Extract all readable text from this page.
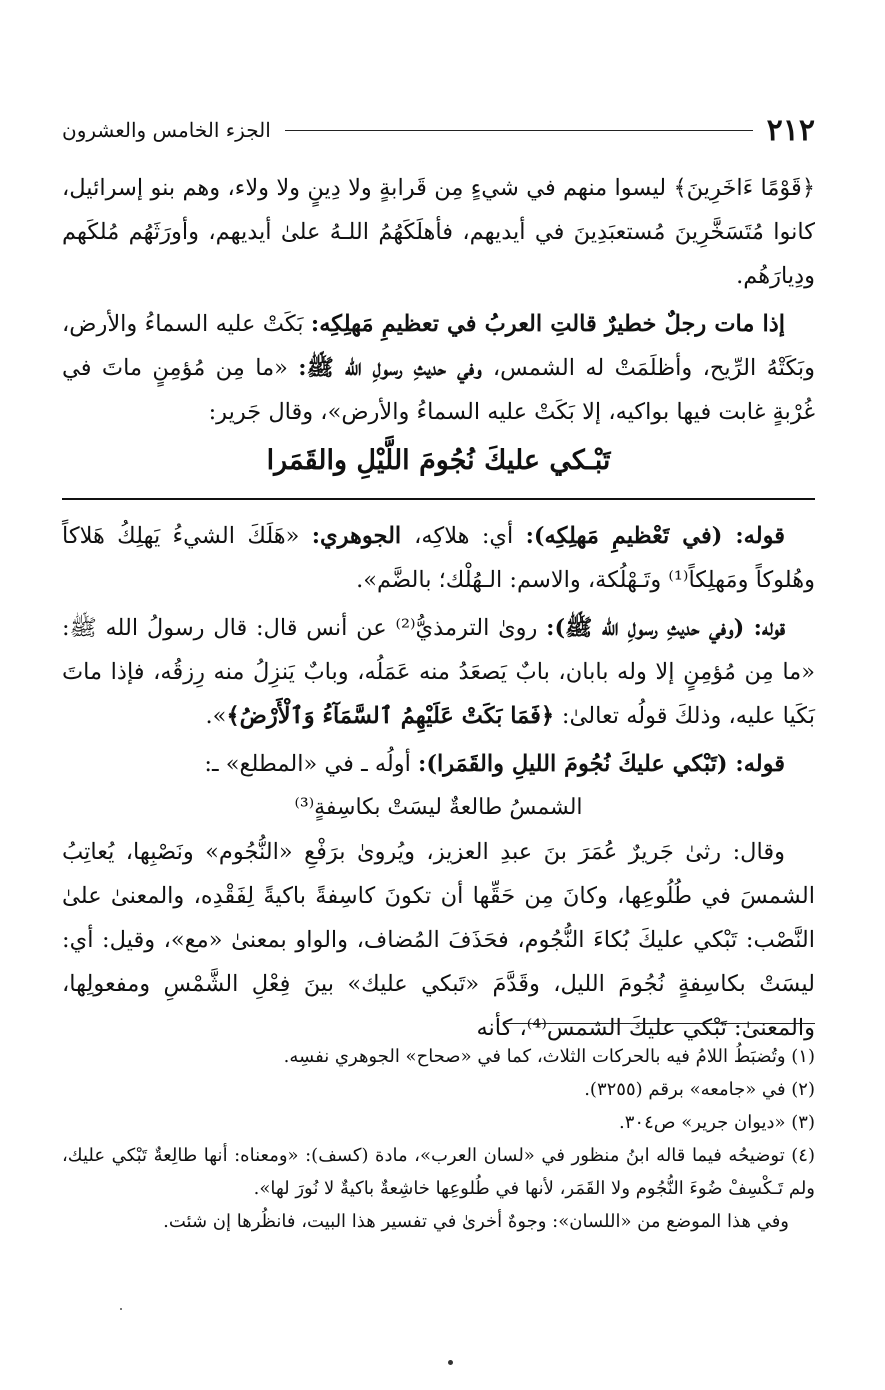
٢١٢
الجزء الخامس والعشرون

﴿قَوْمًا ءَاخَرِينَ﴾ ليسوا منهم في شيءٍ مِن قَرابةٍ ولا دِينٍ ولا ولاء، وهم بنو إسرائيل، كانوا مُتَسَخَّرِينَ مُستعبَدِينَ في أيديهم، فأهلَكَهُمُ اللـهُ علىٰ أيديهم، وأورَثَهُم مُلكَهم ودِيارَهُم.

إذا مات رجلٌ خطيرٌ قالتِ العربُ في تعظيمِ مَهلِكِه: بَكَتْ عليه السماءُ والأرض، وبَكَتْهُ الرِّيح، وأظلَمَتْ له الشمس، وفي حديثِ رسولِ الله ﷺ: «ما مِن مُؤمِنٍ ماتَ في غُرْبةٍ غابت فيها بواكيه، إلا بَكَتْ عليه السماءُ والأرض»، وقال جَرير:

تَبْـكي عليكَ نُجُومَ اللَّيْلِ والقَمَرا

قوله: (في تَعْظيمِ مَهلِكِه): أي: هلاكِه، الجوهري: «هَلَكَ الشيءُ يَهلِكُ هَلاكاً وهُلوكاً ومَهلِكاً⁽¹⁾ وتَـهْلُكة، والاسم: الـهُلْك؛ بالضَّم».

قوله: (وفي حديثِ رسولِ الله ﷺ): روىٰ الترمذيُّ⁽²⁾ عن أنس قال: قال رسولُ الله ﷺ: «ما مِن مُؤمِنٍ إلا وله بابان، بابٌ يَصعَدُ منه عَمَلُه، وبابٌ يَنزِلُ منه رِزقُه، فإذا ماتَ بَكَيا عليه، وذلكَ قولُه تعالىٰ: ﴿فَمَا بَكَتْ عَلَيْهِمُ ٱلسَّمَآءُ وَٱلْأَرْضُ﴾».

قوله: (تَبْكي عليكَ نُجُومَ الليلِ والقَمَرا): أولُه ـ في «المطلع» ـ:

الشمسُ طالعةٌ ليسَتْ بكاسِفةٍ⁽³⁾

وقال: رثىٰ جَريرٌ عُمَرَ بنَ عبدِ العزيز، ويُروىٰ برَفْعِ «النُّجُوم» ونَصْبِها، يُعاتِبُ الشمسَ في طُلُوعِها، وكانَ مِن حَقِّها أن تكونَ كاسِفةً باكيةً لِفَقْدِه، والمعنىٰ علىٰ النَّصْب: تَبْكي عليكَ بُكاءَ النُّجُوم، فحَذَفَ المُضاف، والواو بمعنىٰ «مع»، وقيل: أي: ليسَتْ بكاسِفةٍ نُجُومَ الليل، وقَدَّمَ «تَبكي عليك» بينَ فِعْلِ الشَّمْسِ ومفعولِها، والمعنىٰ: تَبْكي عليكَ الشمس⁽⁴⁾، كأنه

(١) وتُضبَطُ اللامُ فيه بالحركات الثلاث، كما في «صحاح» الجوهري نفسِه.

(٢) في «جامعه» برقم (٣٢٥٥).

(٣) «ديوان جرير» ص٣٠٤.

(٤) توضيحُه فيما قاله ابنُ منظور في «لسان العرب»، مادة (كسف): «ومعناه: أنها طالِعةٌ تَبْكي عليك، ولم تَـكْسِفْ ضُوءَ النُّجُوم ولا القَمَر، لأنها في طُلوعِها خاشِعةٌ باكيةٌ لا نُورَ لها».

وفي هذا الموضع من «اللسان»: وجوهٌ أخرىٰ في تفسير هذا البيت، فانظُرها إن شئت.
